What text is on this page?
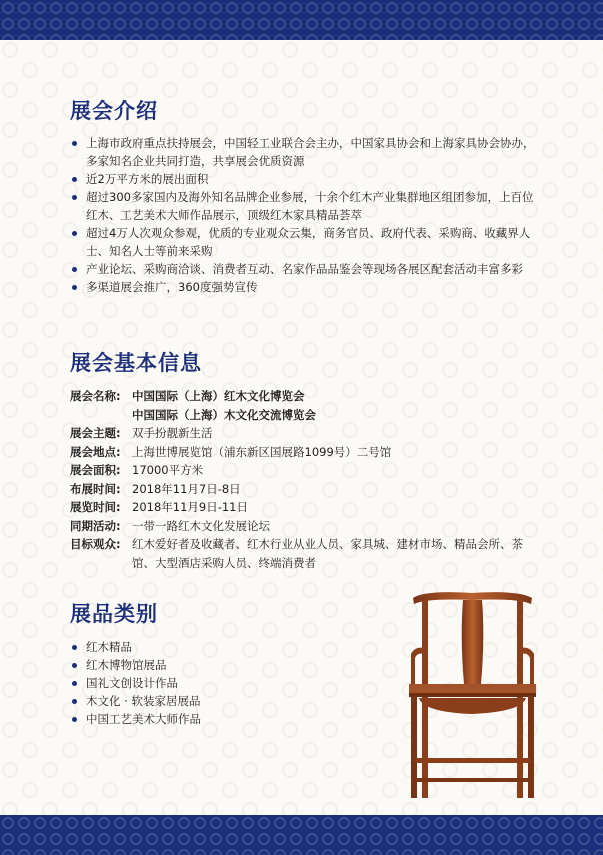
展会介绍
上海市政府重点扶持展会，中国轻工业联合会主办，中国家具协会和上海家具协会协办，多家知名企业共同打造，共享展会优质资源
近2万平方米的展出面积
超过300多家国内及海外知名品牌企业参展，十余个红木产业集群地区组团参加，上百位红木、工艺美术大师作品展示，顶级红木家具精品荟萃
超过4万人次观众参观，优质的专业观众云集，商务官员、政府代表、采购商、收藏界人士、知名人士等前来采购
产业论坛、采购商洽谈、消费者互动、名家作品品鉴会等现场各展区配套活动丰富多彩
多渠道展会推广，360度强势宣传
展会基本信息
展会名称: 中国国际（上海）红木文化博览会
中国国际（上海）木文化交流博览会
展会主题: 双手扮靓新生活
展会地点: 上海世博展览馆（浦东新区国展路1099号）二号馆
展会面积: 17000平方米
布展时间: 2018年11月7日-8日
展览时间: 2018年11月9日-11日
同期活动: 一带一路红木文化发展论坛
目标观众: 红木爱好者及收藏者、红木行业从业人员、家具城、建材市场、精品会所、茶馆、大型酒店采购人员、终端消费者
展品类别
红木精品
红木博物馆展品
国礼文创设计作品
木文化 · 软装家居展品
中国工艺美术大师作品
